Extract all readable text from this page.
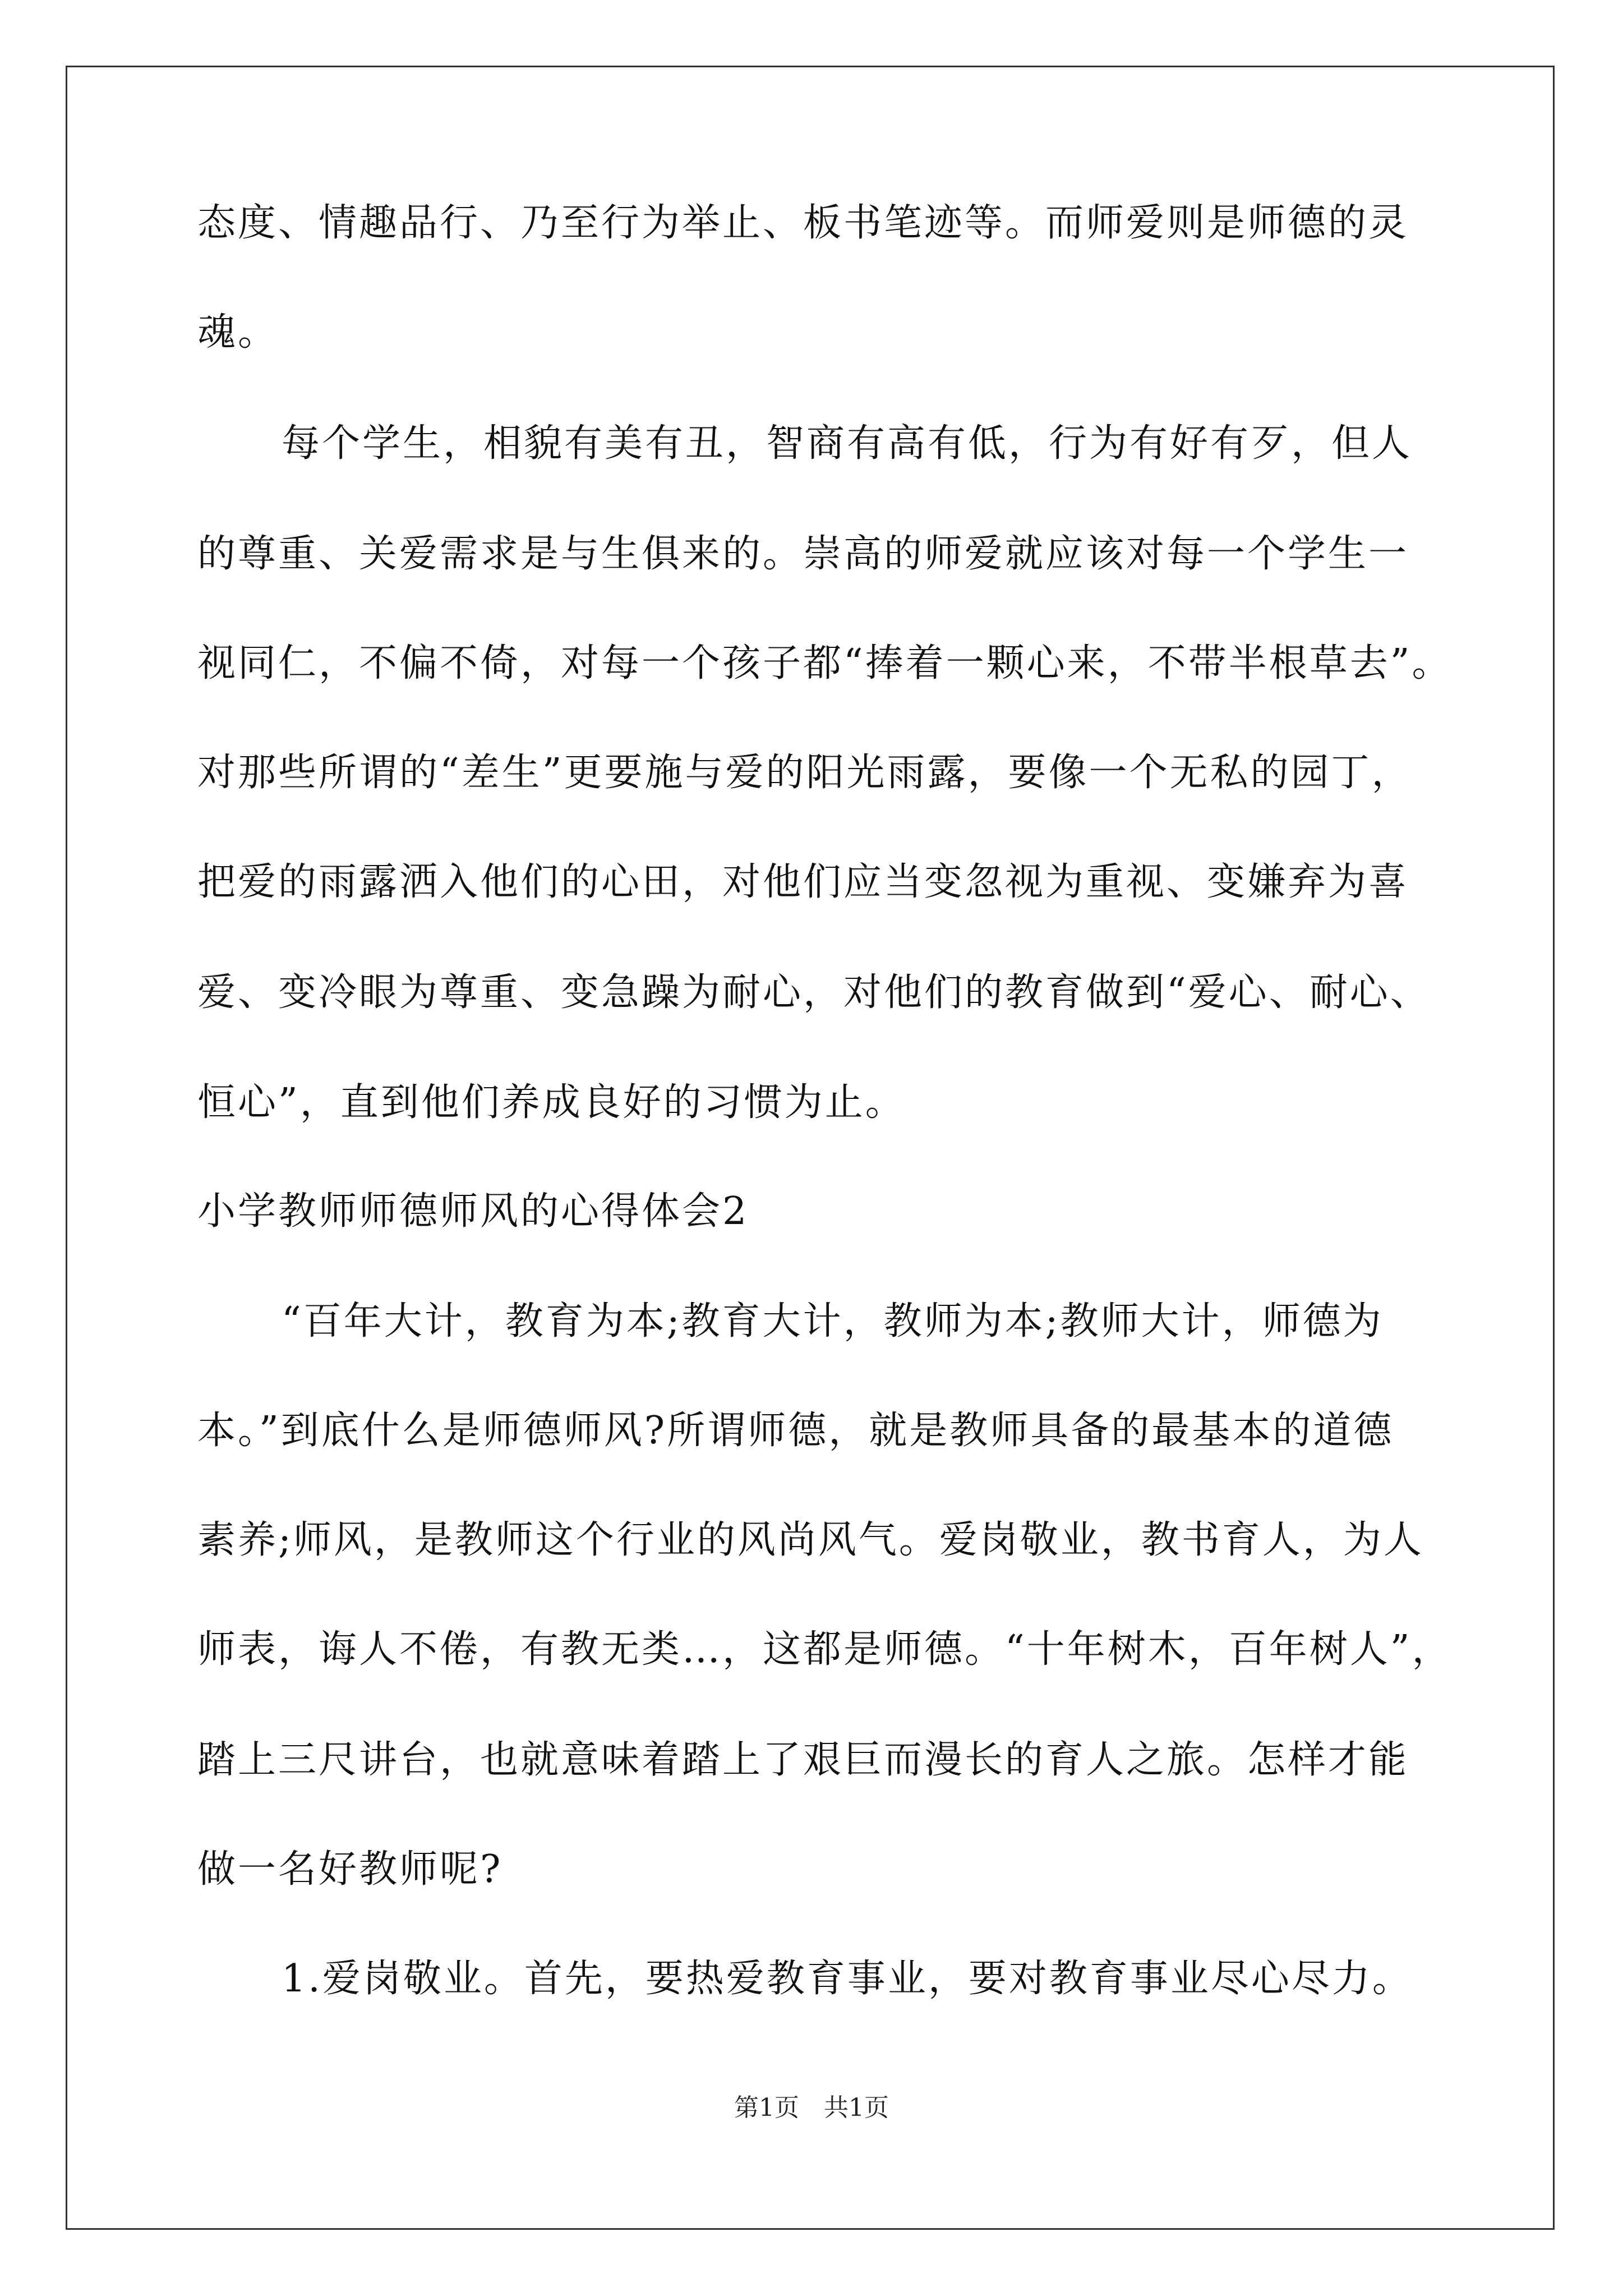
态度、情趣品行、乃至行为举止、板书笔迹等。而师爱则是师德的灵
魂。
每个学生，相貌有美有丑，智商有高有低，行为有好有歹，但人
的尊重、关爱需求是与生俱来的。崇高的师爱就应该对每一个学生一
视同仁，不偏不倚，对每一个孩子都“捧着一颗心来，不带半根草去”。
对那些所谓的“差生”更要施与爱的阳光雨露，要像一个无私的园丁，
把爱的雨露洒入他们的心田，对他们应当变忽视为重视、变嫌弃为喜
爱、变冷眼为尊重、变急躁为耐心，对他们的教育做到“爱心、耐心、
恒心”，直到他们养成良好的习惯为止。
小学教师师德师风的心得体会2
“百年大计，教育为本;教育大计，教师为本;教师大计，师德为
本。”到底什么是师德师风?所谓师德，就是教师具备的最基本的道德
素养;师风，是教师这个行业的风尚风气。爱岗敬业，教书育人，为人
师表，诲人不倦，有教无类…，这都是师德。“十年树木，百年树人”，
踏上三尺讲台，也就意味着踏上了艰巨而漫长的育人之旅。怎样才能
做一名好教师呢?
1.爱岗敬业。首先，要热爱教育事业，要对教育事业尽心尽力。
第1页　共1页
